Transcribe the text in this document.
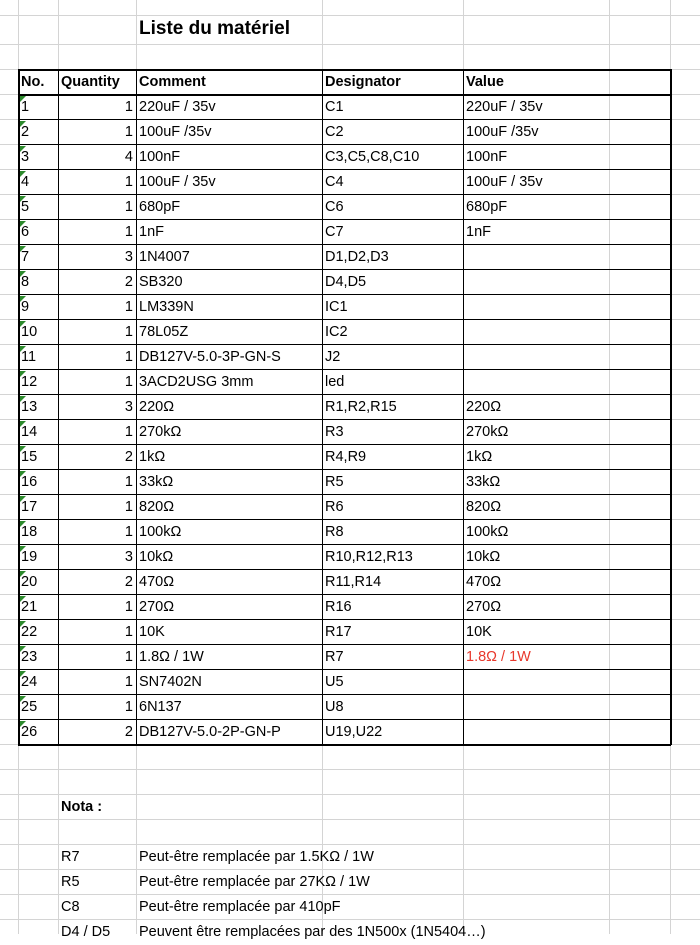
Liste du matériel
No.	Quantity	Comment	Designator	Value
1	1 220uF / 35v	C1	220uF / 35v
2	1 100uF /35v	C2	100uF /35v
3	4 100nF	C3,C5,C8,C10	100nF
4	1 100uF / 35v	C4	100uF / 35v
5	1 680pF	C6	680pF
6	1 1nF	C7	1nF
7	3 1N4007	D1,D2,D3
8	2 SB320	D4,D5
9	1 LM339N	IC1
10	1 78L05Z	IC2
11	1 DB127V-5.0-3P-GN-S	J2
12	1 3ACD2USG 3mm	led
13	3 220Ω	R1,R2,R15	220Ω
14	1 270kΩ	R3	270kΩ
15	2 1kΩ	R4,R9	1kΩ
16	1 33kΩ	R5	33kΩ
17	1 820Ω	R6	820Ω
18	1 100kΩ	R8	100kΩ
19	3 10kΩ	R10,R12,R13	10kΩ
20	2 470Ω	R11,R14	470Ω
21	1 270Ω	R16	270Ω
22	1 10K	R17	10K
23	1 1.8Ω / 1W	R7	1.8Ω / 1W
24	1 SN7402N	U5
25	1 6N137	U8
26	2 DB127V-5.0-2P-GN-P	U19,U22
Nota :
R7	Peut-être remplacée par 1.5KΩ / 1W
R5	Peut-être remplacée par 27KΩ / 1W
C8	Peut-être remplacée par 410pF
D4 / D5 Peuvent être remplacées par des 1N500x (1N5404…)
